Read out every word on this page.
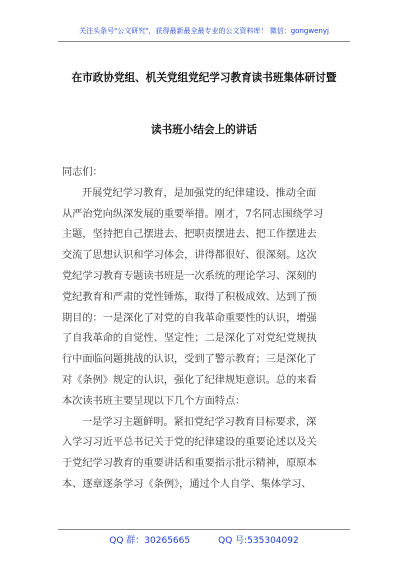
关注头条号"公文研究"，获得最新最全最专业的公文资料库！ 微信：gongwenyj
在市政协党组、机关党组党纪学习教育读书班集体研讨暨
读书班小结会上的讲话

同志们：

开展党纪学习教育，是加强党的纪律建设、推动全面

从严治党向纵深发展的重要举措。刚才，7名同志围绕学习

主题，坚持把自己摆进去、把职责摆进去、把工作摆进去

交流了思想认识和学习体会，讲得都很好、很深刻。这次

党纪学习教育专题读书班是一次系统的理论学习、深刻的

党纪教育和严肃的党性锤炼，取得了积极成效、达到了预

期目的：一是深化了对党的自我革命重要性的认识，增强

了自我革命的自觉性、坚定性；二是深化了对党纪党规执

行中面临问题挑战的认识，受到了警示教育；三是深化了

对《条例》规定的认识，强化了纪律规矩意识。总的来看

本次读书班主要呈现以下几个方面特点：

一是学习主题鲜明。紧扣党纪学习教育目标要求，深

入学习习近平总书记关于党的纪律建设的重要论述以及关

于党纪学习教育的重要讲话和重要指示批示精神，原原本

本、逐章逐条学习《条例》，通过个人自学、集体学习、

QQ 群：30265665	QQ 号:535304092
